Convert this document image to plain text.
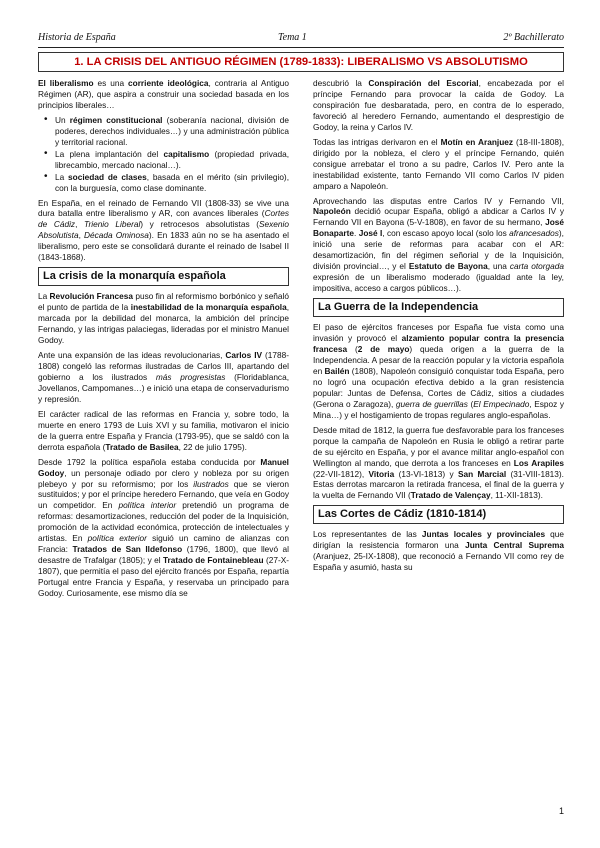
Historia de España	Tema 1	2º Bachillerato
1. LA CRISIS DEL ANTIGUO RÉGIMEN (1789-1833): LIBERALISMO VS ABSOLUTISMO

El liberalismo es una corriente ideológica, contraria al Antiguo Régimen (AR), que aspira a construir una sociedad basada en los principios liberales…

• Un régimen constitucional (soberanía nacional, división de poderes, derechos individuales…) y una administración pública y territorial racional.
• La plena implantación del capitalismo (propiedad privada, librecambio, mercado nacional…).
• La sociedad de clases, basada en el mérito (sin privilegio), con la burguesía, como clase dominante.

En España, en el reinado de Fernando VII (1808-33) se vive una dura batalla entre liberalismo y AR, con avances liberales (Cortes de Cádiz, Trienio Liberal) y retrocesos absolutistas (Sexenio Absolutista, Década Ominosa). En 1833 aún no se ha asentado el liberalismo, pero este se consolidará durante el reinado de Isabel II (1843-1868).

La crisis de la monarquía española

La Revolución Francesa puso fin al reformismo borbónico y señaló el punto de partida de la inestabilidad de la monarquía española, marcada por la debilidad del monarca, la ambición del príncipe Fernando, y las intrigas palaciegas, lideradas por el ministro Manuel Godoy.

Ante una expansión de las ideas revolucionarias, Carlos IV (1788-1808) congeló las reformas ilustradas de Carlos III, apartando del gobierno a los ilustrados más progresistas (Floridablanca, Jovellanos, Campomanes…) e inició una etapa de conservadurismo y represión.

El carácter radical de las reformas en Francia y, sobre todo, la muerte en enero 1793 de Luis XVI y su familia, motivaron el inicio de la guerra entre España y Francia (1793-95), que se saldó con la derrota española (Tratado de Basilea, 22 de julio 1795).

Desde 1792 la política española estaba conducida por Manuel Godoy, un personaje odiado por clero y nobleza por su origen plebeyo y por su reformismo; por los ilustrados que se vieron sustituidos; y por el príncipe heredero Fernando, que veía en Godoy un competidor. En política interior pretendió un programa de reformas: desamortizaciones, reducción del poder de la Inquisición, promoción de la actividad económica, protección de intelectuales y artistas. En política exterior siguió un camino de alianzas con Francia: Tratados de San Ildefonso (1796, 1800), que llevó al desastre de Trafalgar (1805); y el Tratado de Fontainebleau (27-X-1807), que permitía el paso del ejército francés por España, repartía Portugal entre Francia y España, y reservaba un principado para Godoy. Curiosamente, ese mismo día se

descubrió la Conspiración del Escorial, encabezada por el príncipe Fernando para provocar la caída de Godoy. La conspiración fue desbaratada, pero, en contra de lo esperado, favoreció al heredero Fernando, aumentando el desprestigio de Godoy, la reina y Carlos IV.

Todas las intrigas derivaron en el Motín en Aranjuez (18-III-1808), dirigido por la nobleza, el clero y el príncipe Fernando, quién consigue arrebatar el trono a su padre, Carlos IV. Pero ante la inestabilidad existente, tanto Fernando VII como Carlos IV piden amparo a Napoleón.

Aprovechando las disputas entre Carlos IV y Fernando VII, Napoleón decidió ocupar España, obligó a abdicar a Carlos IV y Fernando VII en Bayona (5-V-1808), en favor de su hermano, José Bonaparte. José I, con escaso apoyo local (solo los afrancesados), inició una serie de reformas para acabar con el AR: desamortización, fin del régimen señorial y de la Inquisición, división provincial…, y el Estatuto de Bayona, una carta otorgada expresión de un liberalismo moderado (igualdad ante la ley, impositiva, acceso a cargos públicos…).

La Guerra de la Independencia

El paso de ejércitos franceses por España fue vista como una invasión y provocó el alzamiento popular contra la presencia francesa (2 de mayo) queda origen a la guerra de la Independencia. A pesar de la reacción popular y la victoria española en Bailén (1808), Napoleón consiguió conquistar toda España, pero no logró una ocupación efectiva debido a la gran resistencia popular: Juntas de Defensa, Cortes de Cádiz, sitios a ciudades (Gerona o Zaragoza), guerra de guerrillas (El Empecinado, Espoz y Mina…) y el hostigamiento de tropas regulares anglo-españolas.

Desde mitad de 1812, la guerra fue desfavorable para los franceses porque la campaña de Napoleón en Rusia le obligó a retirar parte de su ejército en España, y por el avance militar anglo-español con Wellington al mando, que derrota a los franceses en Los Arapiles (22-VII-1812), Vitoria (13-VI-1813) y San Marcial (31-VIII-1813). Estas derrotas marcaron la retirada francesa, el final de la guerra y la vuelta de Fernando VII (Tratado de Valençay, 11-XII-1813).

Las Cortes de Cádiz (1810-1814)

Los representantes de las Juntas locales y provinciales que dirigían la resistencia formaron una Junta Central Suprema (Aranjuez, 25-IX-1808), que reconoció a Fernando VII como rey de España y asumió, hasta su

1
